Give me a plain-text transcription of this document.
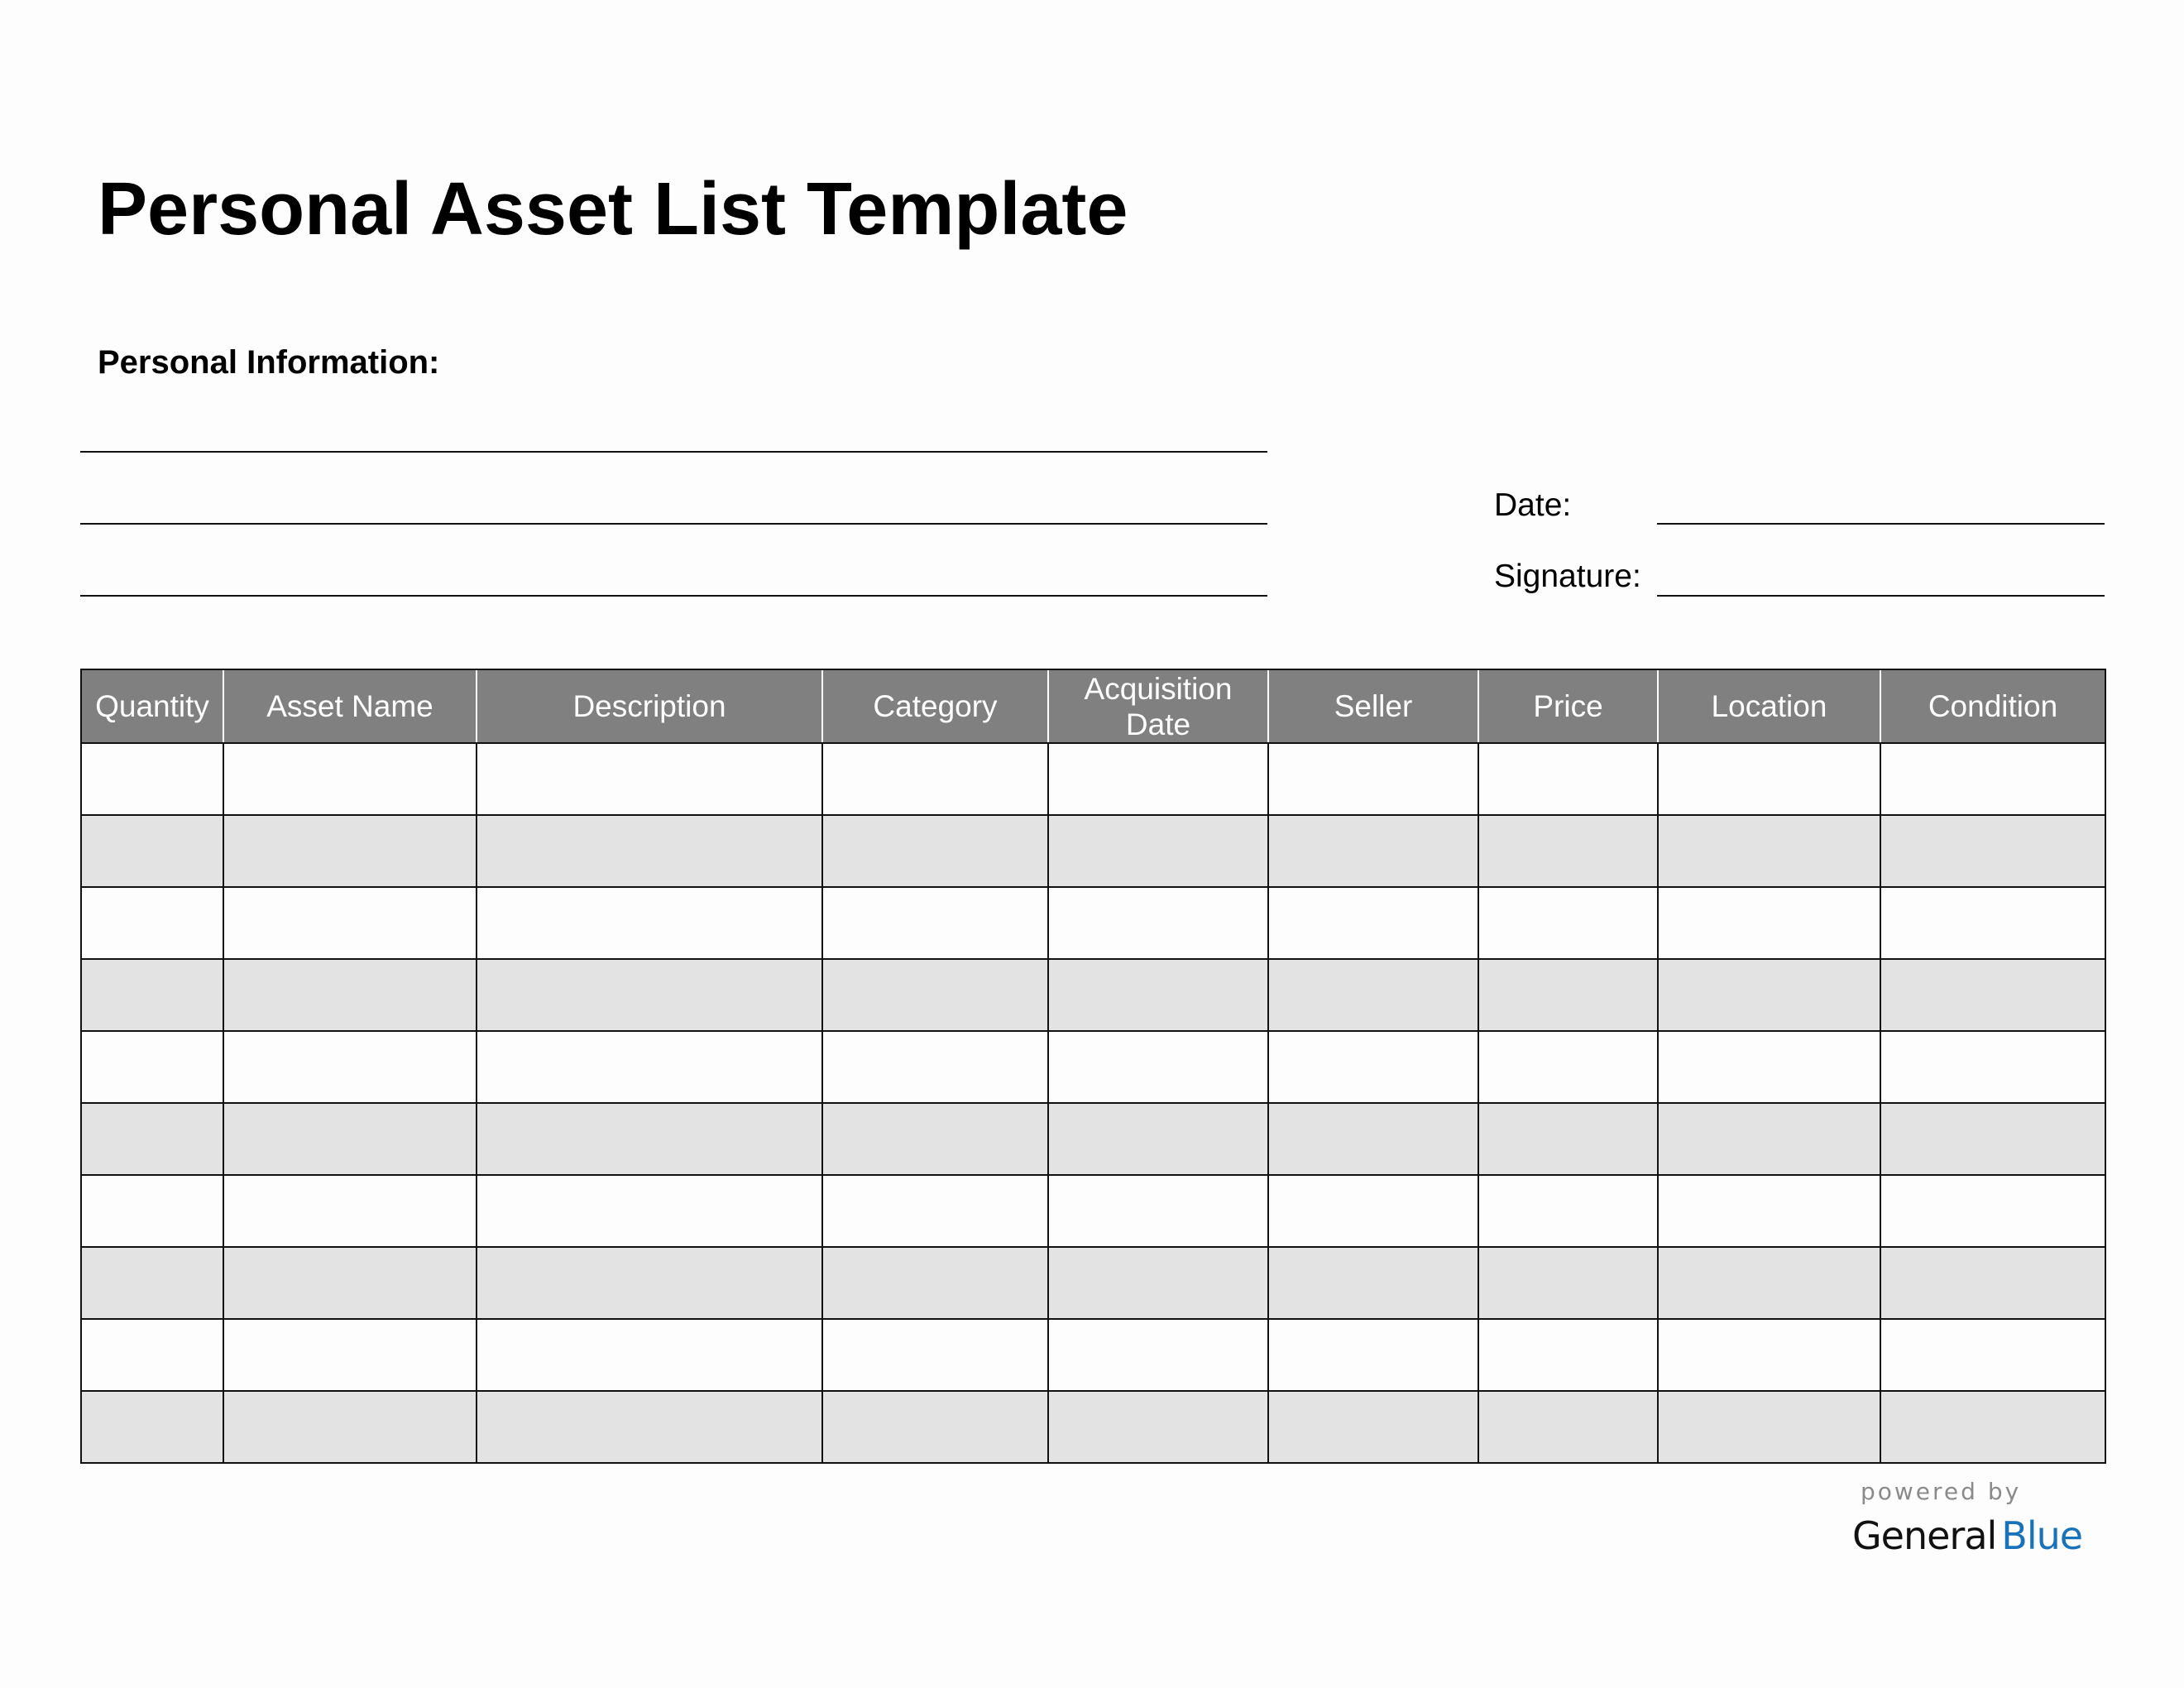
Personal Asset List Template
Personal Information:
Date:
Signature:
Quantity	Asset Name	Description	Category	Acquisition Date	Seller	Price	Location	Condition

powered by
General Blue
